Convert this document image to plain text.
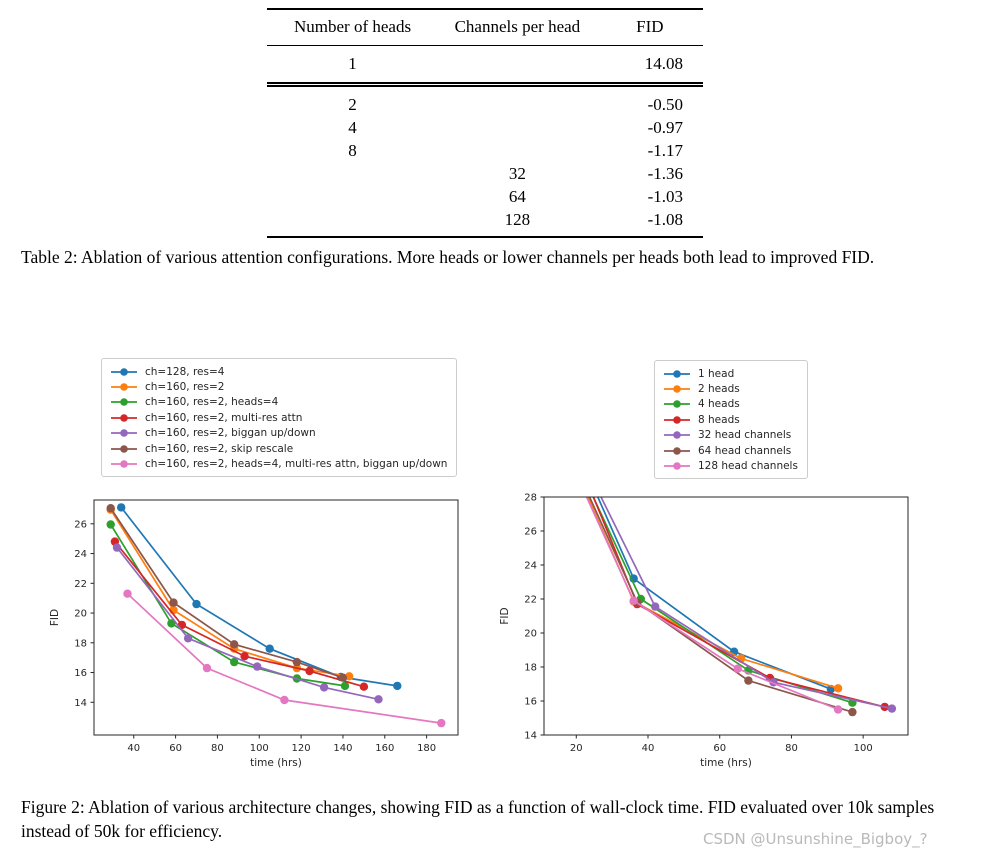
Number of heads	Channels per head	FID
1		14.08
2		-0.50
4		-0.97
8		-1.17
	32	-1.36
	64	-1.03
	128	-1.08
Table 2: Ablation of various attention configurations. More heads or lower channels per heads both lead to improved FID.
ch=128, res=4
ch=160, res=2
ch=160, res=2, heads=4
ch=160, res=2, multi-res attn
ch=160, res=2, biggan up/down
ch=160, res=2, skip rescale
ch=160, res=2, heads=4, multi-res attn, biggan up/down
1 head
2 heads
4 heads
8 heads
32 head channels
64 head channels
128 head channels
40	60	80	100 120 140 160 180
14
16
18
20
22
24
26
time (hrs)
FID
20	40	60	80	100
14
16
18
20
22
24
26
28
time (hrs)
FID
Figure 2: Ablation of various architecture changes, showing FID as a function of wall-clock time. FID evaluated over 10k samples instead of 50k for efficiency.	CSDN @Unsunshine_Bigboy_?
